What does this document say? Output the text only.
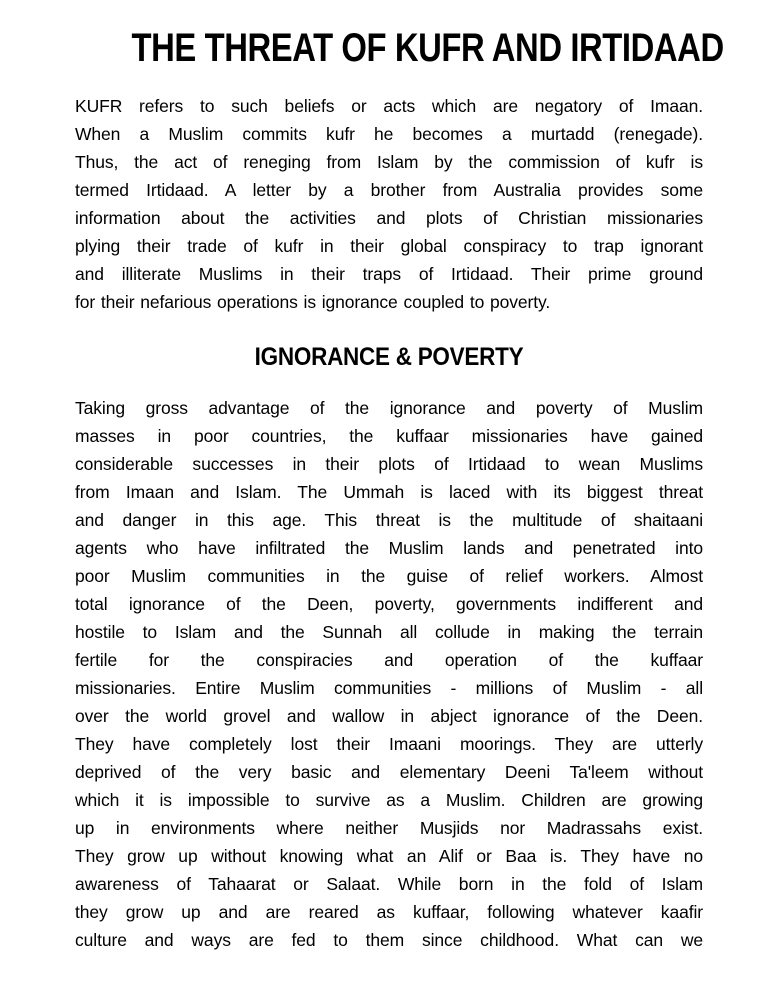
THE THREAT OF KUFR AND IRTIDAAD
KUFR refers to such beliefs or acts which are negatory of Imaan.
When a Muslim commits kufr he becomes a murtadd (renegade).
Thus, the act of reneging from Islam by the commission of kufr is
termed Irtidaad. A letter by a brother from Australia provides some
information about the activities and plots of Christian missionaries
plying their trade of kufr in their global conspiracy to trap ignorant
and illiterate Muslims in their traps of Irtidaad. Their prime ground
for their nefarious operations is ignorance coupled to poverty.
IGNORANCE & POVERTY
Taking gross advantage of the ignorance and poverty of Muslim
masses in poor countries, the kuffaar missionaries have gained
considerable successes in their plots of Irtidaad to wean Muslims
from Imaan and Islam. The Ummah is laced with its biggest threat
and danger in this age. This threat is the multitude of shaitaani
agents who have infiltrated the Muslim lands and penetrated into
poor Muslim communities in the guise of relief workers. Almost
total ignorance of the Deen, poverty, governments indifferent and
hostile to Islam and the Sunnah all collude in making the terrain
fertile for the conspiracies and operation of the kuffaar
missionaries. Entire Muslim communities - millions of Muslim - all
over the world grovel and wallow in abject ignorance of the Deen.
They have completely lost their Imaani moorings. They are utterly
deprived of the very basic and elementary Deeni Ta'leem without
which it is impossible to survive as a Muslim. Children are growing
up in environments where neither Musjids nor Madrassahs exist.
They grow up without knowing what an Alif or Baa is. They have no
awareness of Tahaarat or Salaat. While born in the fold of Islam
they grow up and are reared as kuffaar, following whatever kaafir
culture and ways are fed to them since childhood. What can we
